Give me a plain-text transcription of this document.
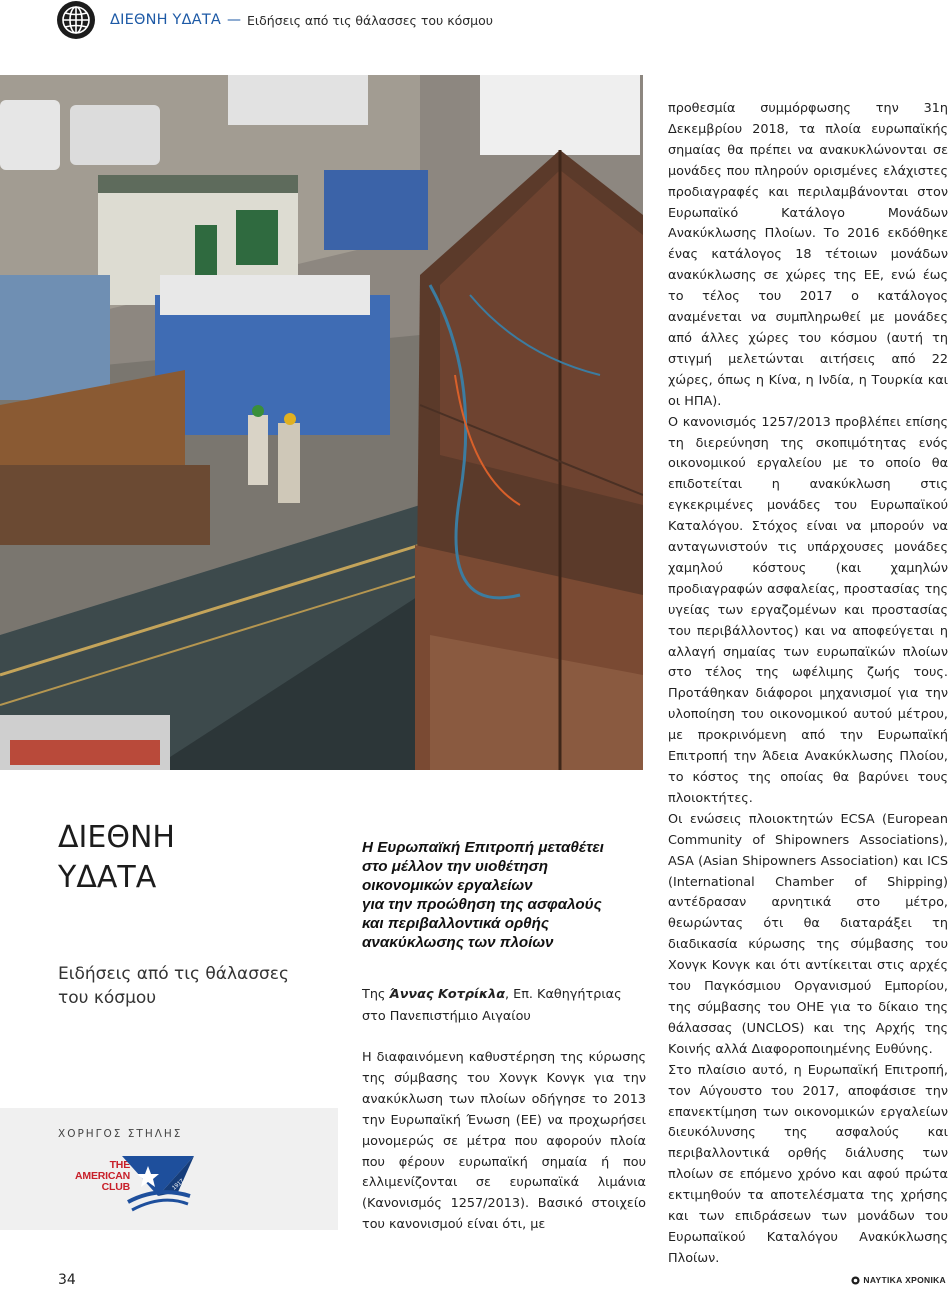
ΔΙΕΘΝΗ ΥΔΑΤΑ — Ειδήσεις από τις θάλασσες του κόσμου
ΔΙΕΘΝΗ
ΥΔΑΤΑ
Ειδήσεις από τις θάλασσες του κόσμου
ΧΟΡΗΓΟΣ ΣΤΗΛΗΣ
THE
AMERICAN
CLUB	1917
Η Ευρωπαϊκή Επιτροπή μεταθέτει
στο μέλλον την υιοθέτηση
οικονομικών εργαλείων
για την προώθηση της ασφαλούς
και περιβαλλοντικά ορθής
ανακύκλωσης των πλοίων
Της Άννας Κοτρίκλα, Επ. Καθηγήτριας στο Πανεπιστήμιο Αιγαίου

Η διαφαινόμενη καθυστέρηση της κύρωσης της σύμβασης του Χονγκ Κονγκ για την ανακύκλωση των πλοίων οδήγησε το 2013 την Ευρωπαϊκή Ένωση (ΕΕ) να προχωρήσει μονομερώς σε μέτρα που αφορούν πλοία που φέρουν ευρωπαϊκή σημαία ή που ελλιμενίζονται σε ευρωπαϊκά λιμάνια (Κανονισμός 1257/2013). Βασικό στοιχείο του κανονισμού είναι ότι, με

προθεσμία συμμόρφωσης την 31η Δεκεμβρίου 2018, τα πλοία ευρωπαϊκής σημαίας θα πρέπει να ανακυκλώνονται σε μονάδες που πληρούν ορισμένες ελάχιστες προδιαγραφές και περιλαμβάνονται στον Ευρωπαϊκό Κατάλογο Μονάδων Ανακύκλωσης Πλοίων. Το 2016 εκδόθηκε ένας κατάλογος 18 τέτοιων μονάδων ανακύκλωσης σε χώρες της ΕΕ, ενώ έως το τέλος του 2017 ο κατάλογος αναμένεται να συμπληρωθεί με μονάδες από άλλες χώρες του κόσμου (αυτή τη στιγμή μελετώνται αιτήσεις από 22 χώρες, όπως η Κίνα, η Ινδία, η Τουρκία και οι ΗΠΑ).

Ο κανονισμός 1257/2013 προβλέπει επίσης τη διερεύνηση της σκοπιμότητας ενός οικονομικού εργαλείου με το οποίο θα επιδοτείται η ανακύκλωση στις εγκεκριμένες μονάδες του Ευρωπαϊκού Καταλόγου. Στόχος είναι να μπορούν να ανταγωνιστούν τις υπάρχουσες μονάδες χαμηλού κόστους (και χαμηλών προδιαγραφών ασφαλείας, προστασίας της υγείας των εργαζομένων και προστασίας του περιβάλλοντος) και να αποφεύγεται η αλλαγή σημαίας των ευρωπαϊκών πλοίων στο τέλος της ωφέλιμης ζωής τους. Προτάθηκαν διάφοροι μηχανισμοί για την υλοποίηση του οικονομικού αυτού μέτρου, με προκρινόμενη από την Ευρωπαϊκή Επιτροπή την Άδεια Ανακύκλωσης Πλοίου, το κόστος της οποίας θα βαρύνει τους πλοιοκτήτες.

Οι ενώσεις πλοιοκτητών ECSA (European Community of Shipowners Associations), ASA (Asian Shipowners Association) και ICS (International Chamber of Shipping) αντέδρασαν αρνητικά στο μέτρο, θεωρώντας ότι θα διαταράξει τη διαδικασία κύρωσης της σύμβασης του Χονγκ Κονγκ και ότι αντίκειται στις αρχές του Παγκόσμιου Οργανισμού Εμπορίου, της σύμβασης του ΟΗΕ για το δίκαιο της θάλασσας (UNCLOS) και της Αρχής της Κοινής αλλά Διαφοροποιημένης Ευθύνης.

Στο πλαίσιο αυτό, η Ευρωπαϊκή Επιτροπή, τον Αύγουστο του 2017, αποφάσισε την επανεκτίμηση των οικονομικών εργαλείων διευκόλυνσης της ασφαλούς και περιβαλλοντικά ορθής διάλυσης των πλοίων σε επόμενο χρόνο και αφού πρώτα εκτιμηθούν τα αποτελέσματα της χρήσης και των επιδράσεων των μονάδων του Ευρωπαϊκού Καταλόγου Ανακύκλωσης Πλοίων.

34	ΝΑΥΤΙΚΑ ΧΡΟΝΙΚΑ
